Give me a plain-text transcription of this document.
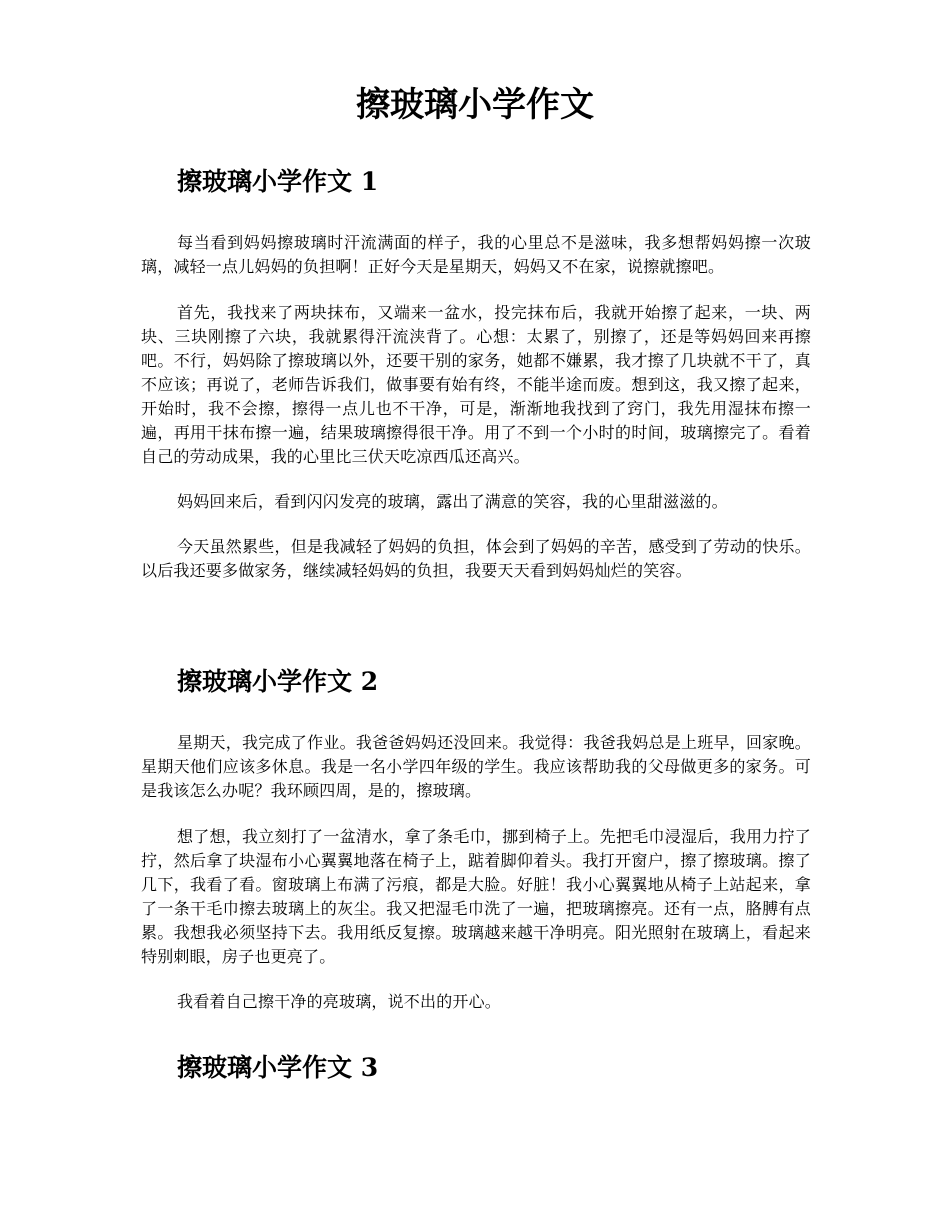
擦玻璃小学作文
擦玻璃小学作文 1

每当看到妈妈擦玻璃时汗流满面的样子，我的心里总不是滋味，我多想帮妈妈擦一次玻璃，减轻一点儿妈妈的负担啊！正好今天是星期天，妈妈又不在家，说擦就擦吧。

首先，我找来了两块抹布，又端来一盆水，投完抹布后，我就开始擦了起来，一块、两块、三块刚擦了六块，我就累得汗流浃背了。心想：太累了，别擦了，还是等妈妈回来再擦吧。不行，妈妈除了擦玻璃以外，还要干别的家务，她都不嫌累，我才擦了几块就不干了，真不应该；再说了，老师告诉我们，做事要有始有终，不能半途而废。想到这，我又擦了起来，开始时，我不会擦，擦得一点儿也不干净，可是，渐渐地我找到了窍门，我先用湿抹布擦一遍，再用干抹布擦一遍，结果玻璃擦得很干净。用了不到一个小时的时间，玻璃擦完了。看着自己的劳动成果，我的心里比三伏天吃凉西瓜还高兴。

妈妈回来后，看到闪闪发亮的玻璃，露出了满意的笑容，我的心里甜滋滋的。

今天虽然累些，但是我减轻了妈妈的负担，体会到了妈妈的辛苦，感受到了劳动的快乐。以后我还要多做家务，继续减轻妈妈的负担，我要天天看到妈妈灿烂的笑容。

擦玻璃小学作文 2

星期天，我完成了作业。我爸爸妈妈还没回来。我觉得：我爸我妈总是上班早，回家晚。星期天他们应该多休息。我是一名小学四年级的学生。我应该帮助我的父母做更多的家务。可是我该怎么办呢？我环顾四周，是的，擦玻璃。

想了想，我立刻打了一盆清水，拿了条毛巾，挪到椅子上。先把毛巾浸湿后，我用力拧了拧，然后拿了块湿布小心翼翼地落在椅子上，踮着脚仰着头。我打开窗户，擦了擦玻璃。擦了几下，我看了看。窗玻璃上布满了污痕，都是大脸。好脏！我小心翼翼地从椅子上站起来，拿了一条干毛巾擦去玻璃上的灰尘。我又把湿毛巾洗了一遍，把玻璃擦亮。还有一点，胳膊有点累。我想我必须坚持下去。我用纸反复擦。玻璃越来越干净明亮。阳光照射在玻璃上，看起来特别刺眼，房子也更亮了。

我看着自己擦干净的亮玻璃，说不出的开心。

擦玻璃小学作文 3
